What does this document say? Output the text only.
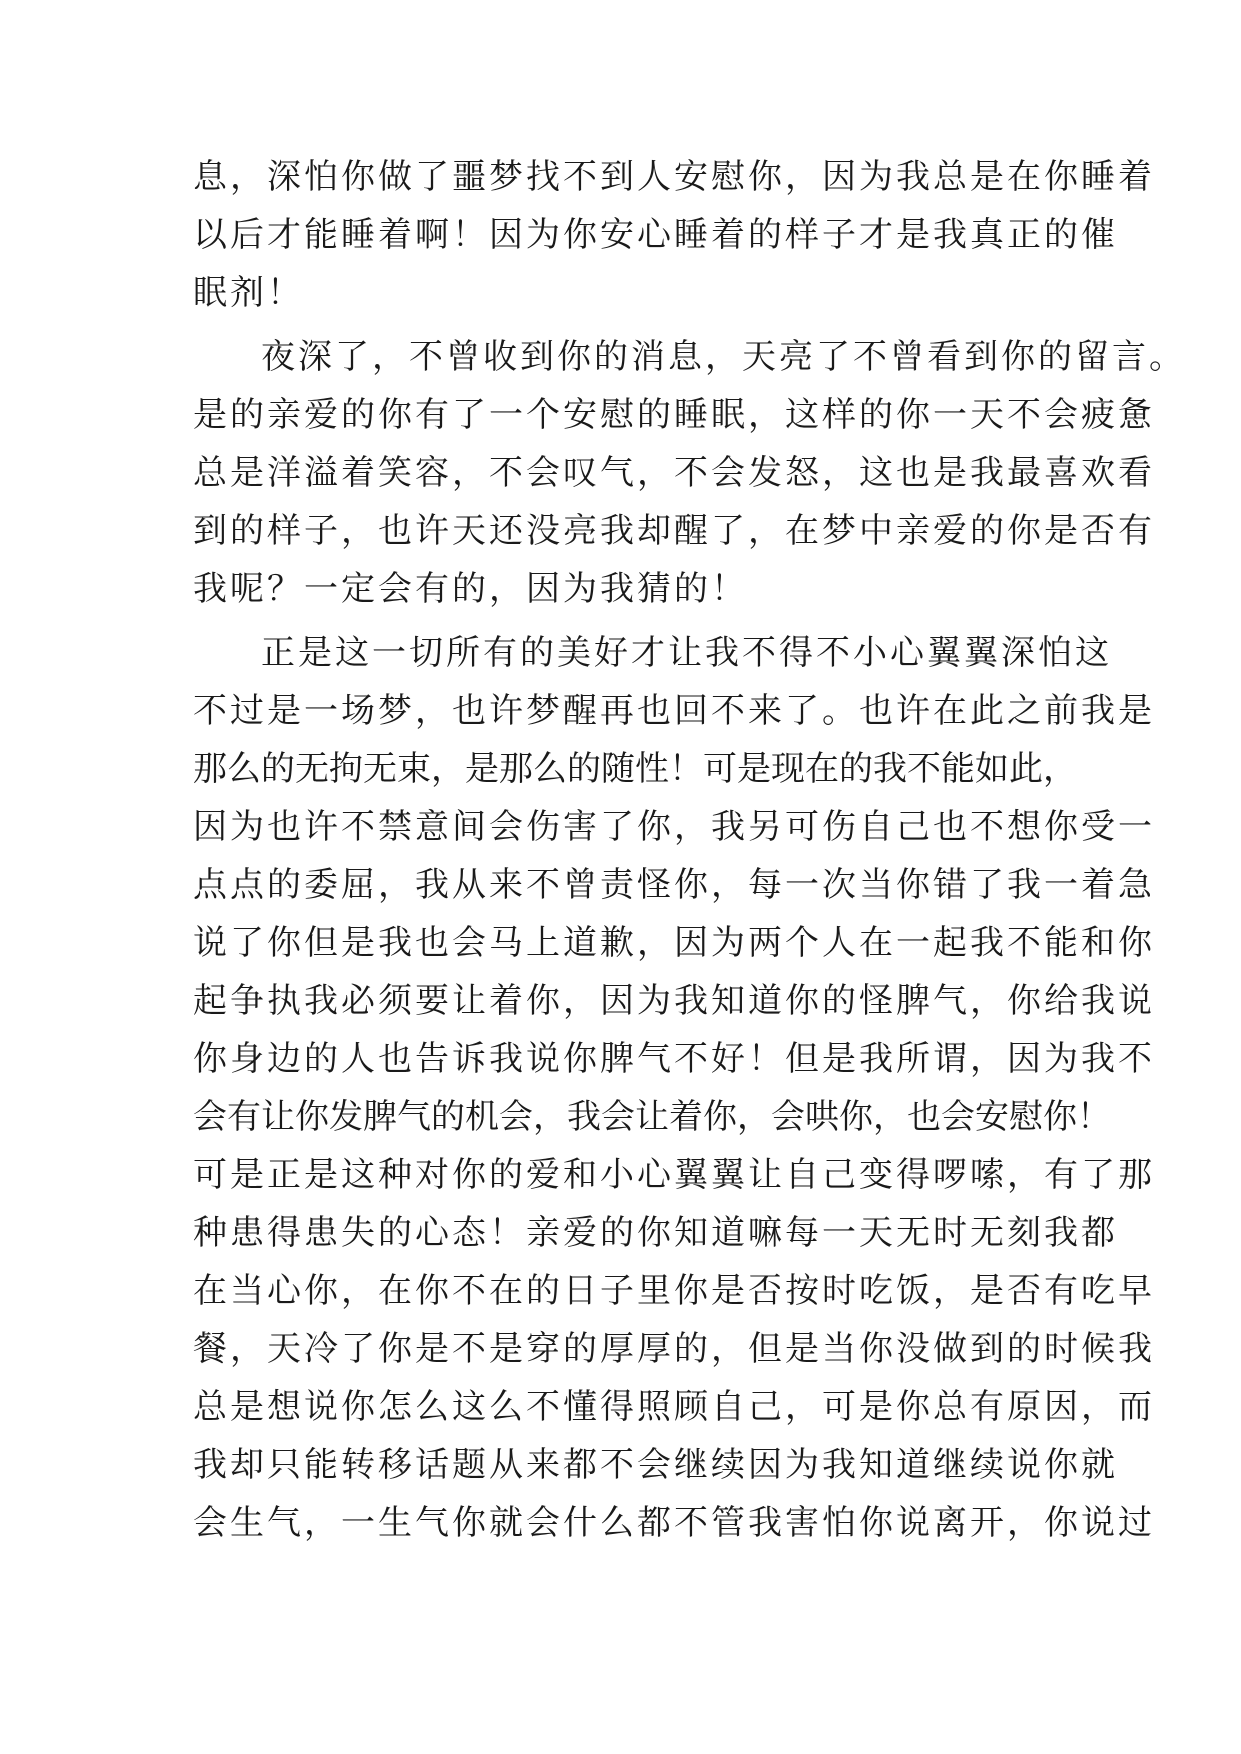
息，深怕你做了噩梦找不到人安慰你，因为我总是在你睡着
以后才能睡着啊！因为你安心睡着的样子才是我真正的催
眠剂！
夜深了，不曾收到你的消息，天亮了不曾看到你的留言。
是的亲爱的你有了一个安慰的睡眠，这样的你一天不会疲惫
总是洋溢着笑容，不会叹气，不会发怒，这也是我最喜欢看
到的样子，也许天还没亮我却醒了，在梦中亲爱的你是否有
我呢？一定会有的，因为我猜的！
正是这一切所有的美好才让我不得不小心翼翼深怕这
不过是一场梦，也许梦醒再也回不来了。也许在此之前我是
那么的无拘无束，是那么的随性！可是现在的我不能如此，
因为也许不禁意间会伤害了你，我另可伤自己也不想你受一
点点的委屈，我从来不曾责怪你，每一次当你错了我一着急
说了你但是我也会马上道歉，因为两个人在一起我不能和你
起争执我必须要让着你，因为我知道你的怪脾气，你给我说
你身边的人也告诉我说你脾气不好！但是我所谓，因为我不
会有让你发脾气的机会，我会让着你，会哄你，也会安慰你！
可是正是这种对你的爱和小心翼翼让自己变得啰嗦，有了那
种患得患失的心态！亲爱的你知道嘛每一天无时无刻我都
在当心你，在你不在的日子里你是否按时吃饭，是否有吃早
餐，天冷了你是不是穿的厚厚的，但是当你没做到的时候我
总是想说你怎么这么不懂得照顾自己，可是你总有原因，而
我却只能转移话题从来都不会继续因为我知道继续说你就
会生气，一生气你就会什么都不管我害怕你说离开，你说过
